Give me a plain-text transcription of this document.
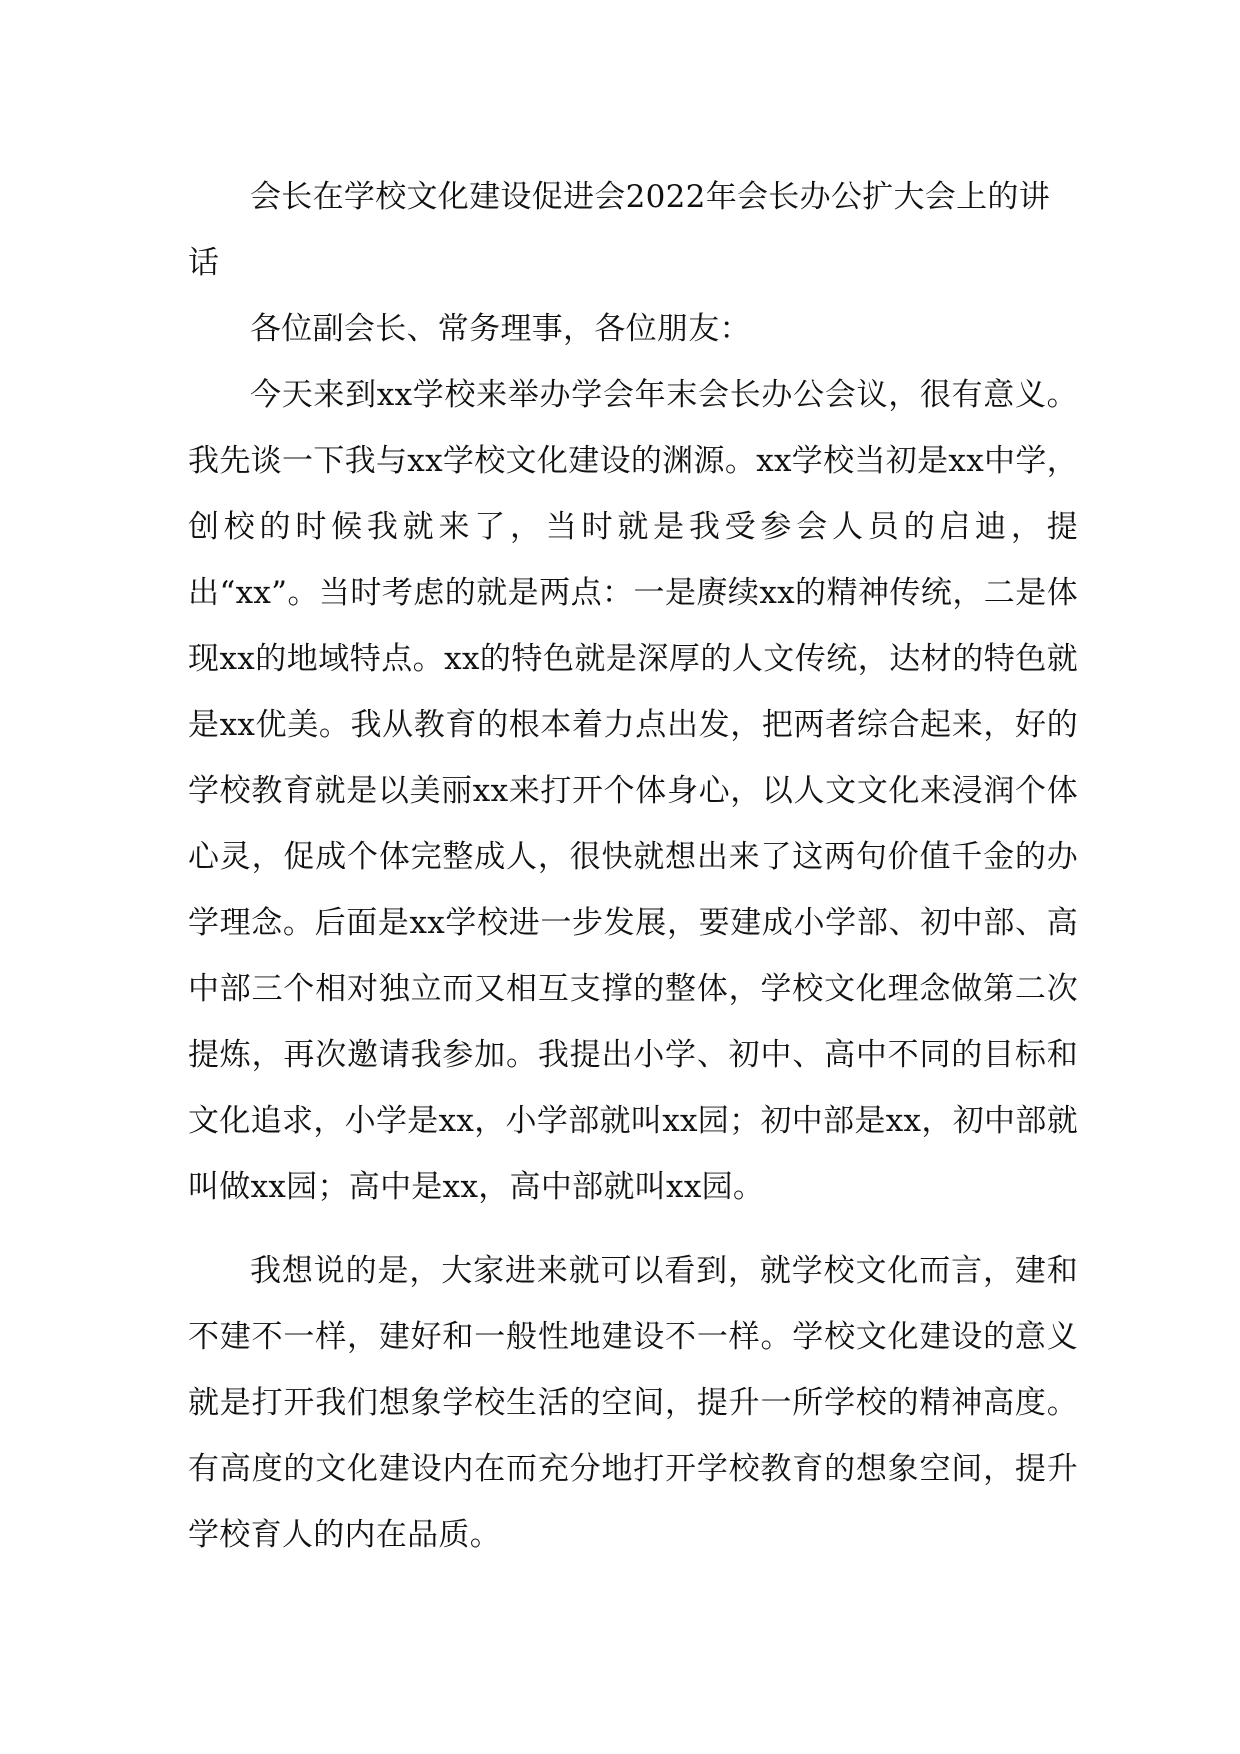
会长在学校文化建设促进会2022年会长办公扩大会上的讲话

各位副会长、常务理事，各位朋友：

今天来到xx学校来举办学会年末会长办公会议，很有意义。我先谈一下我与xx学校文化建设的渊源。xx学校当初是xx中学，创校的时候我就来了，当时就是我受参会人员的启迪，提出“xx”。当时考虑的就是两点：一是赓续xx的精神传统，二是体现xx的地域特点。xx的特色就是深厚的人文传统，达材的特色就是xx优美。我从教育的根本着力点出发，把两者综合起来，好的学校教育就是以美丽xx来打开个体身心，以人文文化来浸润个体心灵，促成个体完整成人，很快就想出来了这两句价值千金的办学理念。后面是xx学校进一步发展，要建成小学部、初中部、高中部三个相对独立而又相互支撑的整体，学校文化理念做第二次提炼，再次邀请我参加。我提出小学、初中、高中不同的目标和文化追求，小学是xx，小学部就叫xx园；初中部是xx，初中部就叫做xx园；高中是xx，高中部就叫xx园。

我想说的是，大家进来就可以看到，就学校文化而言，建和不建不一样，建好和一般性地建设不一样。学校文化建设的意义就是打开我们想象学校生活的空间，提升一所学校的精神高度。有高度的文化建设内在而充分地打开学校教育的想象空间，提升学校育人的内在品质。
